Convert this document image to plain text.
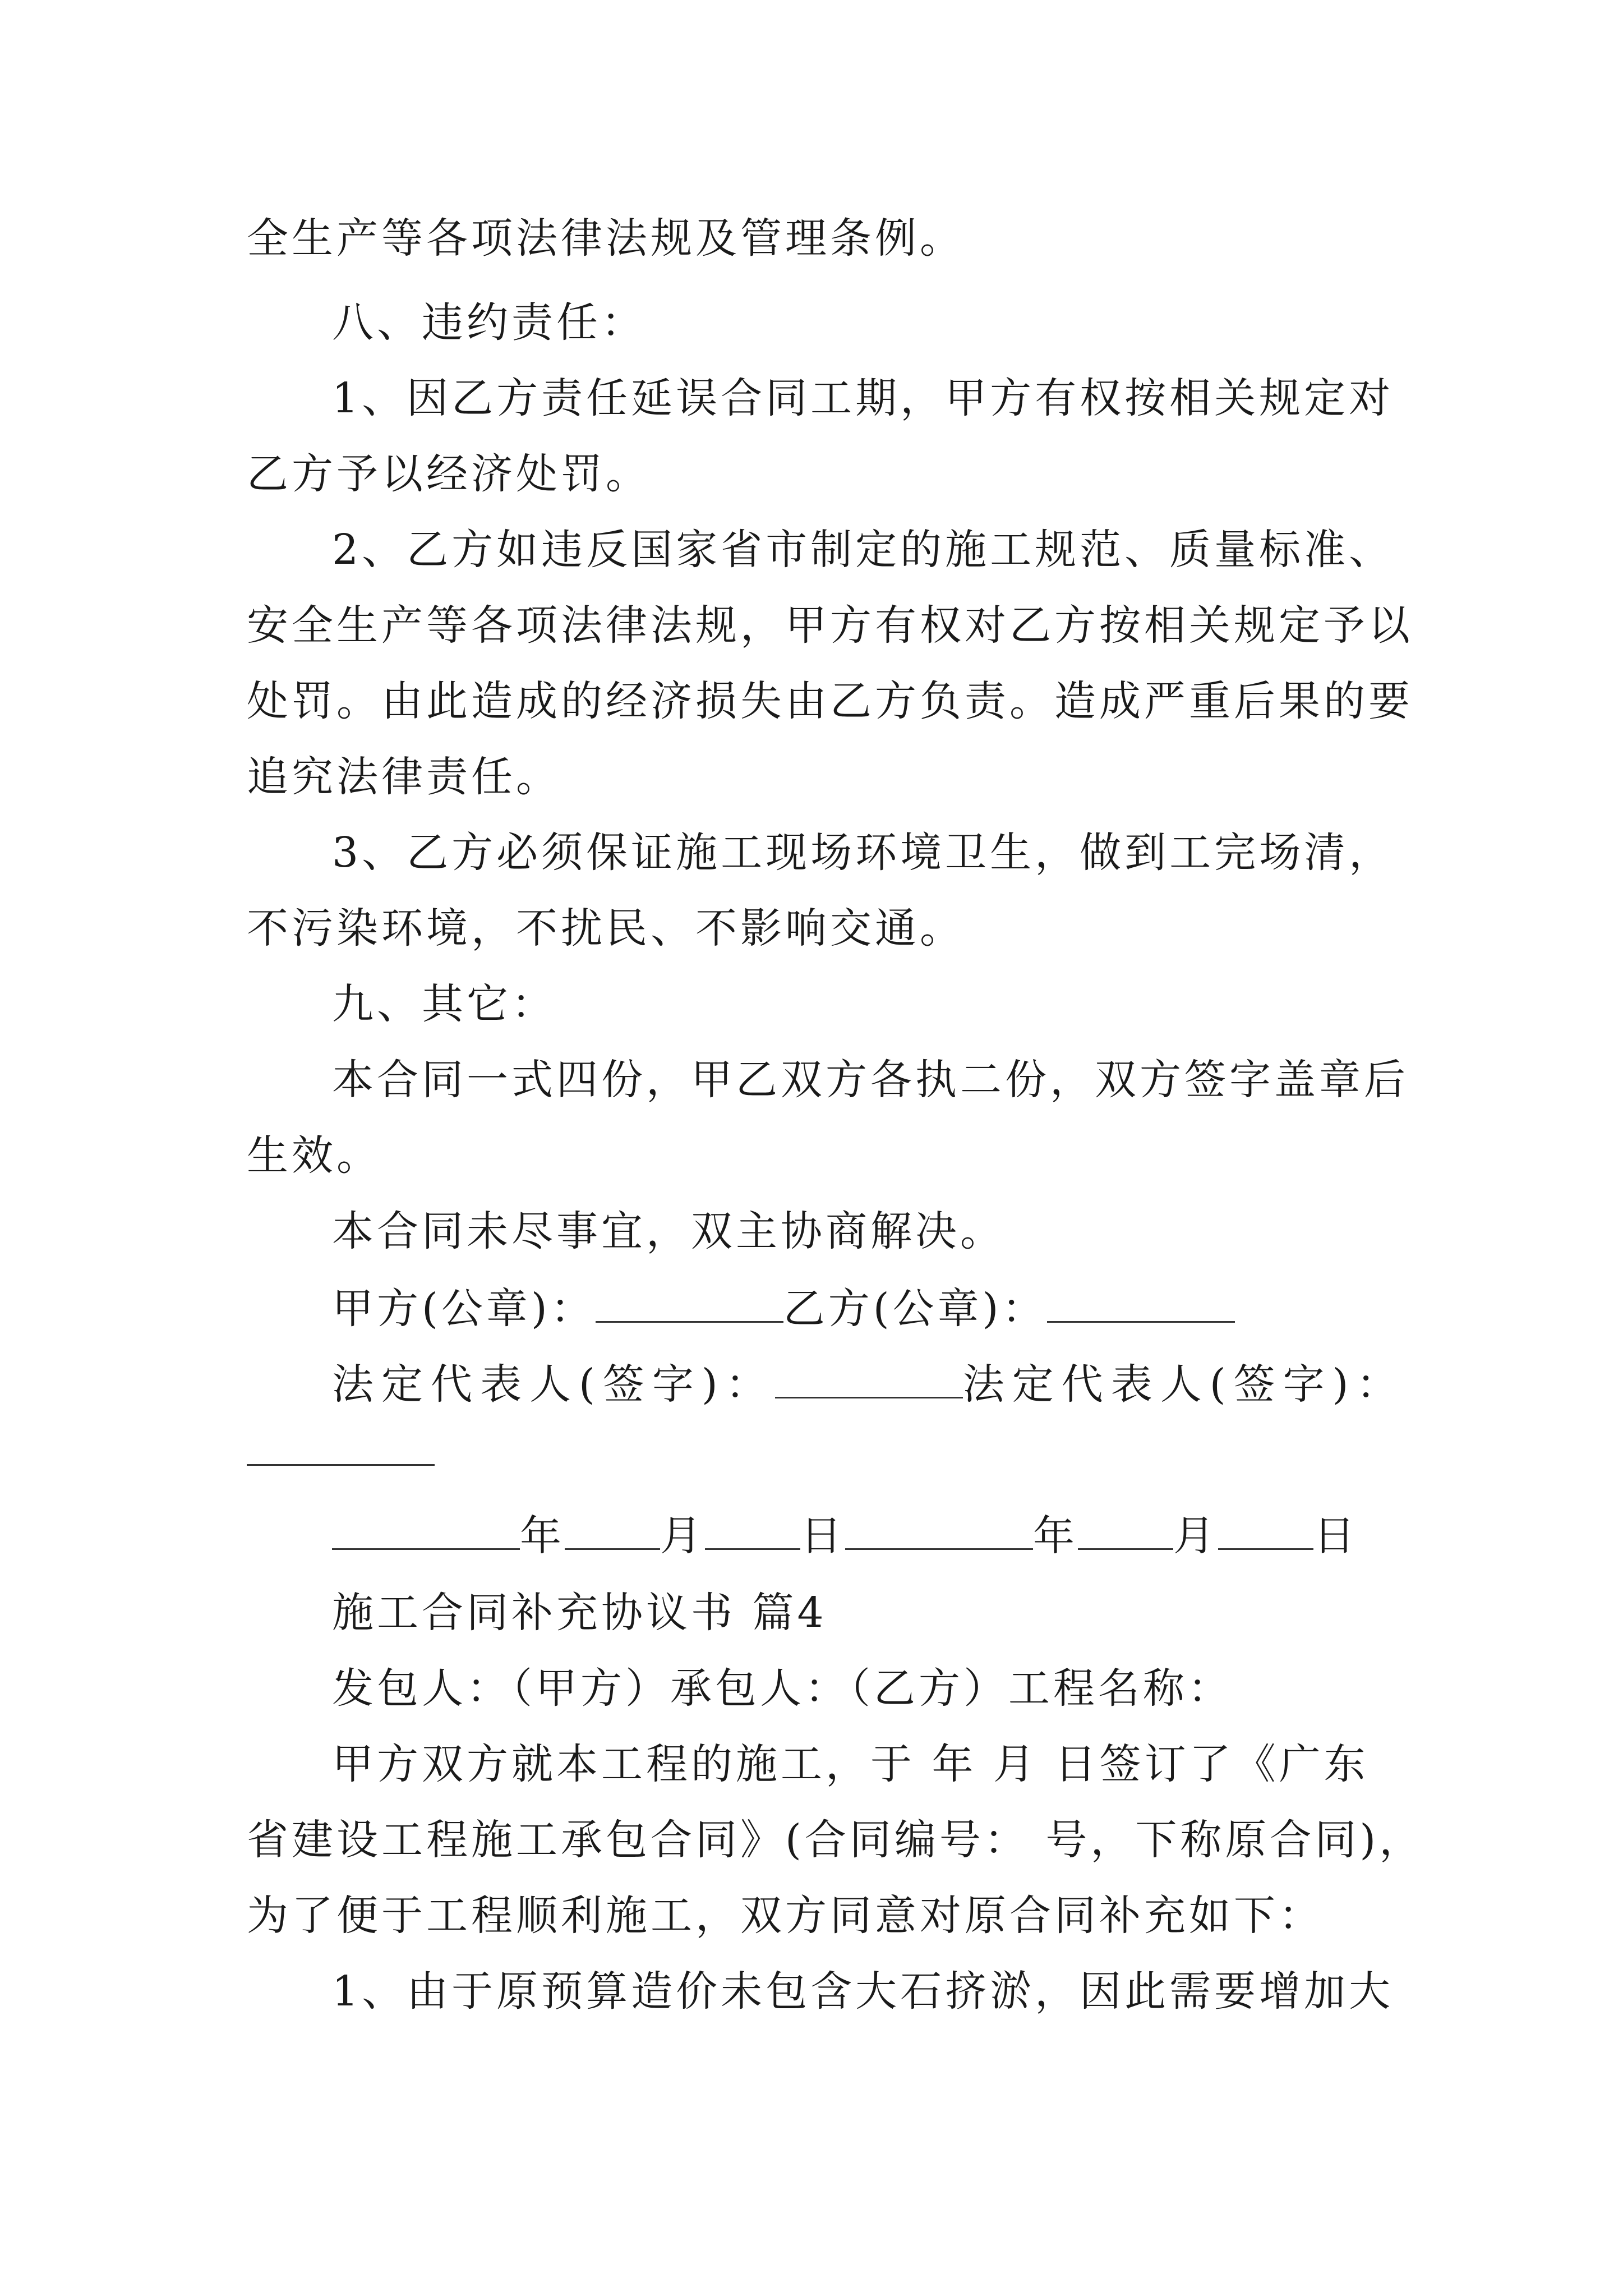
全生产等各项法律法规及管理条例。
八、违约责任：
1、因乙方责任延误合同工期，甲方有权按相关规定对
乙方予以经济处罚。
2、乙方如违反国家省市制定的施工规范、质量标准、
安全生产等各项法律法规，甲方有权对乙方按相关规定予以
处罚。由此造成的经济损失由乙方负责。造成严重后果的要
追究法律责任。
3、乙方必须保证施工现场环境卫生，做到工完场清，
不污染环境，不扰民、不影响交通。
九、其它：
本合同一式四份，甲乙双方各执二份，双方签字盖章后
生效。
本合同未尽事宜，双主协商解决。
甲方(公章)：	乙方(公章)：
法定代表人(签字)：	法定代表人(签字)：
年 月 日	年 月 日
施工合同补充协议书 篇4
发包人：（甲方）承包人：（乙方）工程名称：
甲方双方就本工程的施工，于 年 月 日签订了《广东
省建设工程施工承包合同》(合同编号： 号，下称原合同)，
为了便于工程顺利施工，双方同意对原合同补充如下：
1、由于原预算造价未包含大石挤淤，因此需要增加大
